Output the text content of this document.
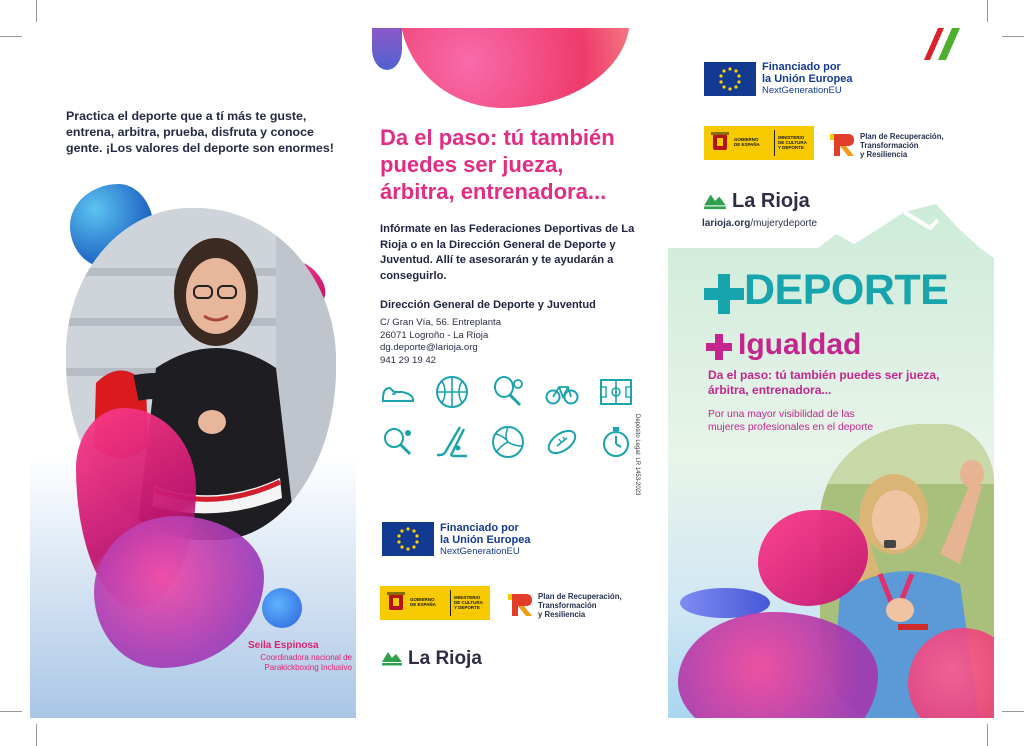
Practica el deporte que a tí más te guste, entrena, arbitra, prueba, disfruta y conoce gente. ¡Los valores del deporte son enormes!

Seila Espinosa
Coordinadora nacional de Parakickboxing Inclusivo
Da el paso: tú también puedes ser jueza, árbitra, entrenadora...

Infórmate en las Federaciones Deportivas de La Rioja o en la Dirección General de Deporte y Juventud. Allí te asesorarán y te ayudarán a conseguirlo.

Dirección General de Deporte y Juventud
C/ Gran Vía, 56. Entreplanta
26071 Logroño - La Rioja
dg.deporte@larioja.org
941 29 19 42
Depósito Legal: LR 1453-2023
Financiado por
la Unión Europea
NextGenerationEU
GOBIERNO
DE ESPAÑA
MINISTERIO
DE CULTURA
Y DEPORTE
Plan de Recuperación,
Transformación
y Resiliencia
La Rioja
Financiado por
la Unión Europea
NextGenerationEU
GOBIERNO
DE ESPAÑA
MINISTERIO
DE CULTURA
Y DEPORTE
Plan de Recuperación,
Transformación
y Resiliencia
La Rioja
larioja.org/mujerydeporte
DEPORTE
Igualdad

Da el paso: tú también puedes ser jueza, árbitra, entrenadora...

Por una mayor visibilidad de las mujeres profesionales en el deporte
